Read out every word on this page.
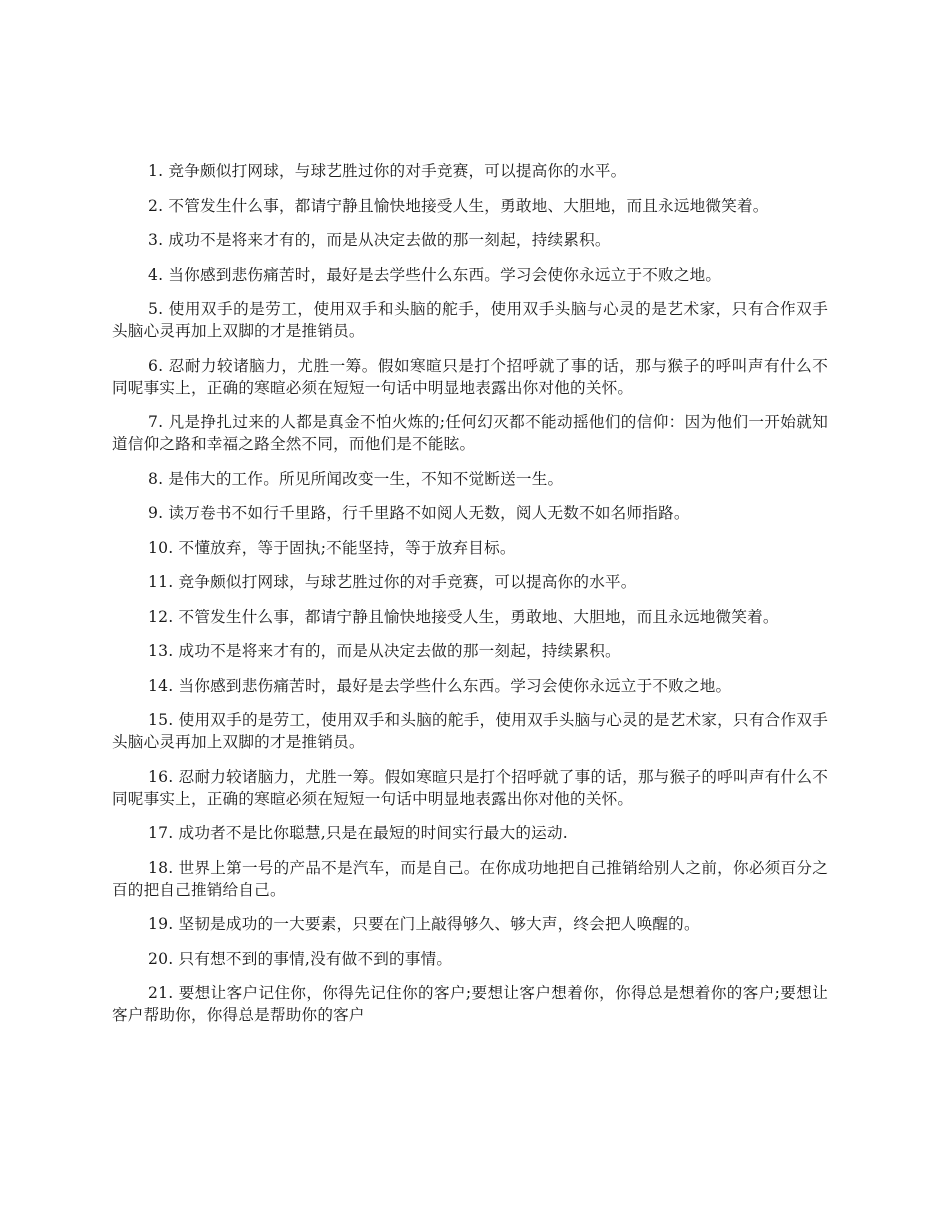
1. 竞争颇似打网球，与球艺胜过你的对手竞赛，可以提高你的水平。

2. 不管发生什么事，都请宁静且愉快地接受人生，勇敢地、大胆地，而且永远地微笑着。

3. 成功不是将来才有的，而是从决定去做的那一刻起，持续累积。

4. 当你感到悲伤痛苦时，最好是去学些什么东西。学习会使你永远立于不败之地。

5. 使用双手的是劳工，使用双手和头脑的舵手，使用双手头脑与心灵的是艺术家，只有合作双手头脑心灵再加上双脚的才是推销员。

6. 忍耐力较诸脑力，尤胜一筹。假如寒暄只是打个招呼就了事的话，那与猴子的呼叫声有什么不同呢事实上，正确的寒暄必须在短短一句话中明显地表露出你对他的关怀。

7. 凡是挣扎过来的人都是真金不怕火炼的;任何幻灭都不能动摇他们的信仰：因为他们一开始就知道信仰之路和幸福之路全然不同，而他们是不能眩。

8. 是伟大的工作。所见所闻改变一生，不知不觉断送一生。

9. 读万卷书不如行千里路，行千里路不如阅人无数，阅人无数不如名师指路。

10. 不懂放弃，等于固执;不能坚持，等于放弃目标。

11. 竞争颇似打网球，与球艺胜过你的对手竞赛，可以提高你的水平。

12. 不管发生什么事，都请宁静且愉快地接受人生，勇敢地、大胆地，而且永远地微笑着。

13. 成功不是将来才有的，而是从决定去做的那一刻起，持续累积。

14. 当你感到悲伤痛苦时，最好是去学些什么东西。学习会使你永远立于不败之地。

15. 使用双手的是劳工，使用双手和头脑的舵手，使用双手头脑与心灵的是艺术家，只有合作双手头脑心灵再加上双脚的才是推销员。

16. 忍耐力较诸脑力，尤胜一筹。假如寒暄只是打个招呼就了事的话，那与猴子的呼叫声有什么不同呢事实上，正确的寒暄必须在短短一句话中明显地表露出你对他的关怀。

17. 成功者不是比你聪慧,只是在最短的时间实行最大的运动.

18. 世界上第一号的产品不是汽车，而是自己。在你成功地把自己推销给别人之前，你必须百分之百的把自己推销给自己。

19. 坚韧是成功的一大要素，只要在门上敲得够久、够大声，终会把人唤醒的。

20. 只有想不到的事情,没有做不到的事情。

21. 要想让客户记住你，你得先记住你的客户;要想让客户想着你，你得总是想着你的客户;要想让客户帮助你，你得总是帮助你的客户
